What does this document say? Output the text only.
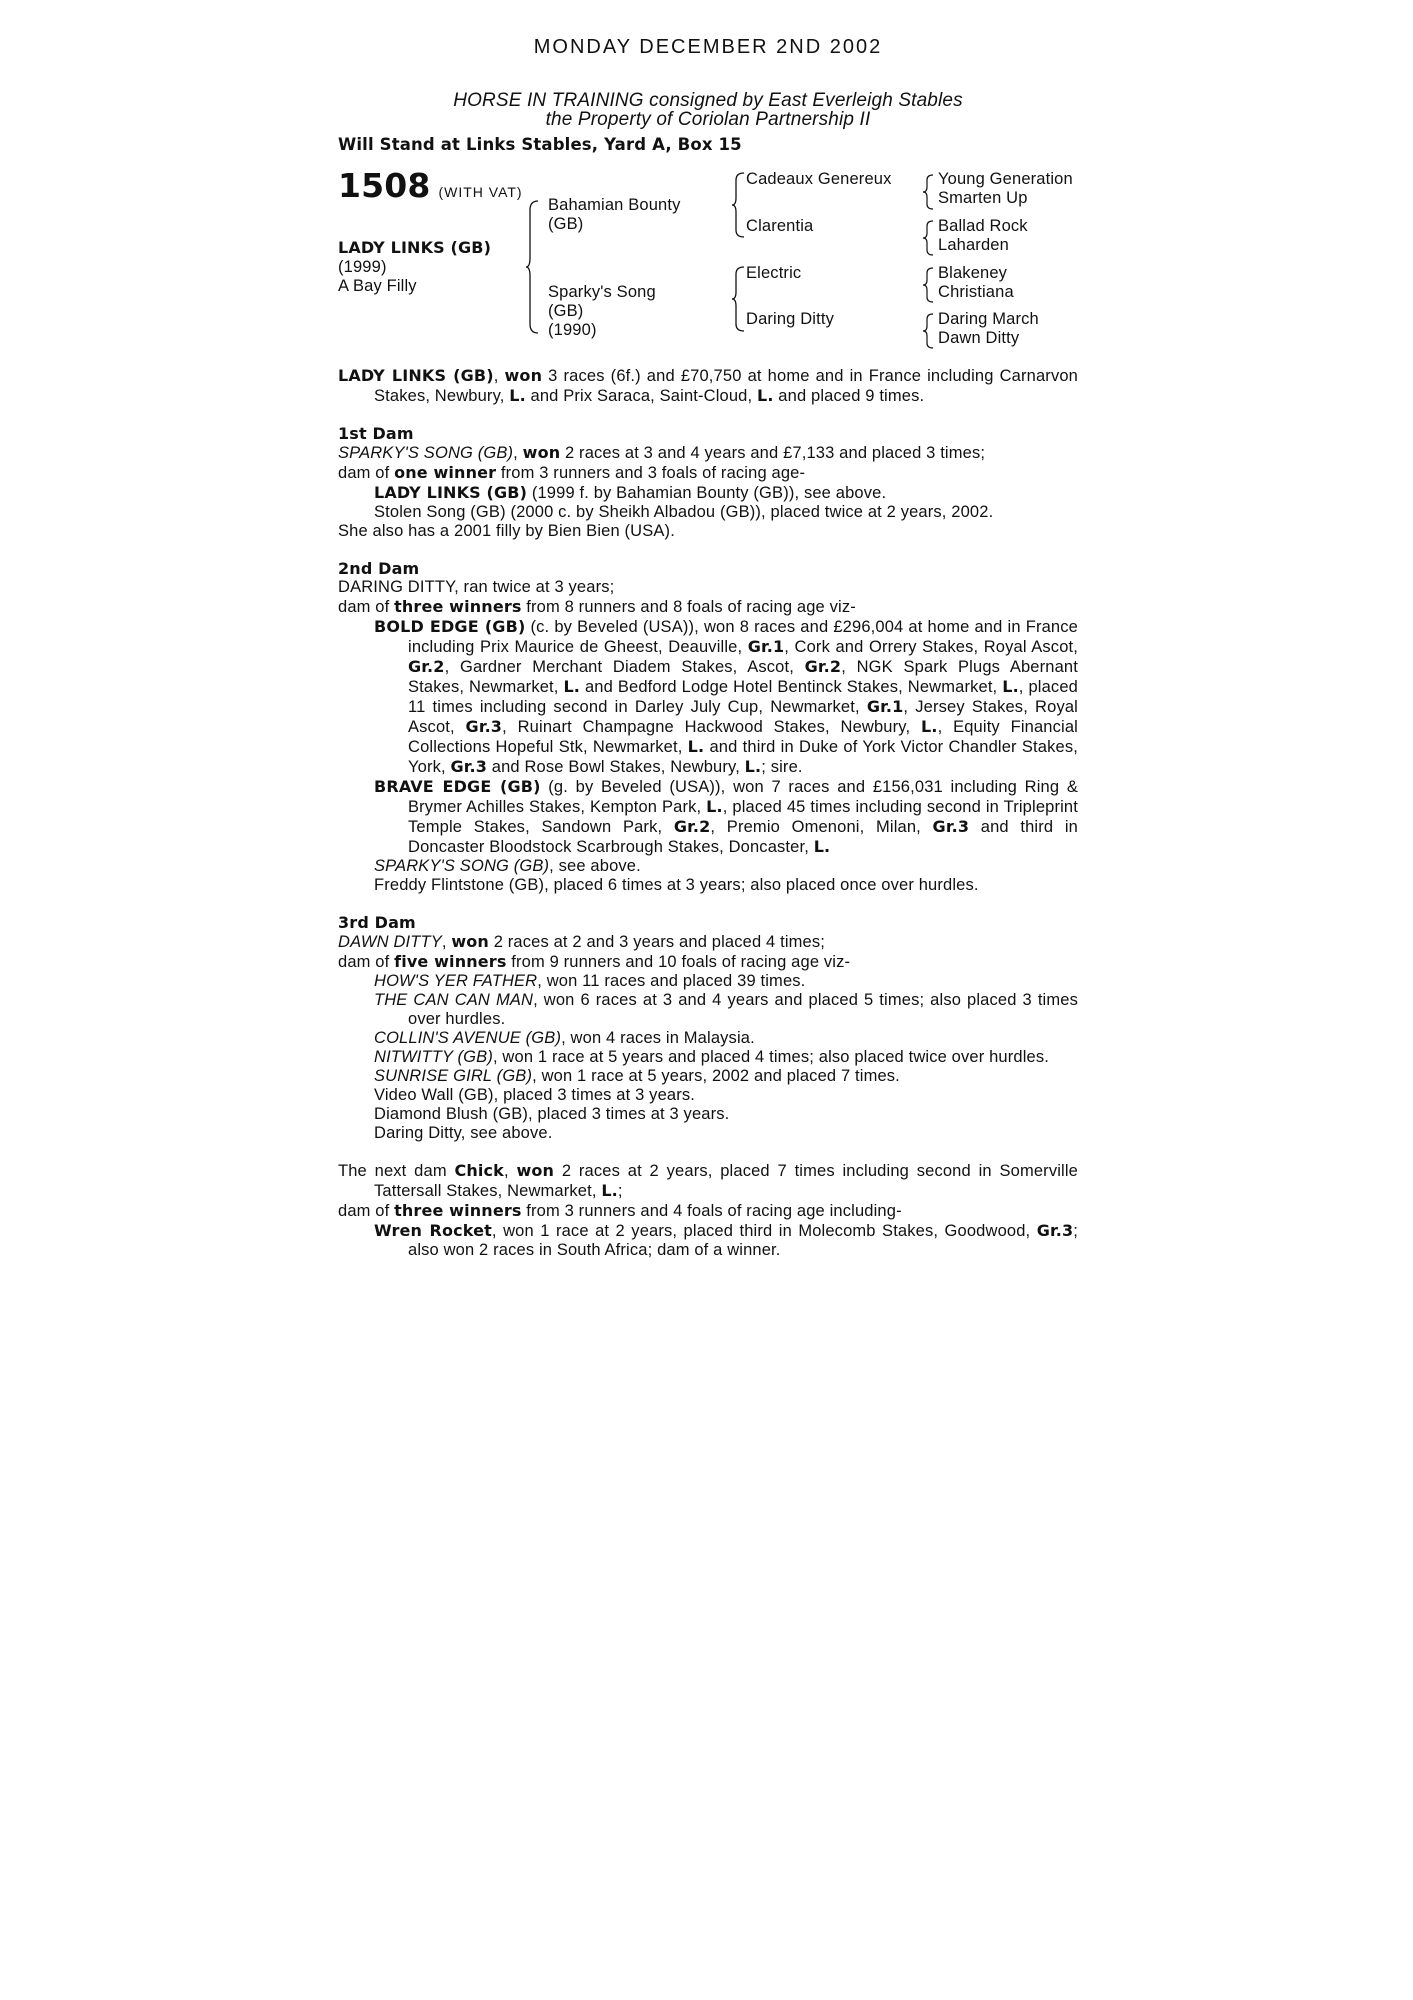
MONDAY DECEMBER 2ND 2002
HORSE IN TRAINING consigned by East Everleigh Stables
the Property of Coriolan Partnership II
Will Stand at Links Stables, Yard A, Box 15
1508 (WITH VAT)
LADY LINKS (GB)
(1999)
A Bay Filly
Bahamian Bounty
(GB)
Sparky's Song
(GB)
(1990)
Cadeaux Genereux
Clarentia
Electric
Daring Ditty
Young Generation
Smarten Up
Ballad Rock
Laharden
Blakeney
Christiana
Daring March
Dawn Ditty

LADY LINKS (GB), won 3 races (6f.) and £70,750 at home and in France including Carnarvon Stakes, Newbury, L. and Prix Saraca, Saint-Cloud, L. and placed 9 times.

1st Dam

SPARKY'S SONG (GB), won 2 races at 3 and 4 years and £7,133 and placed 3 times;

dam of one winner from 3 runners and 3 foals of racing age-

LADY LINKS (GB) (1999 f. by Bahamian Bounty (GB)), see above.

Stolen Song (GB) (2000 c. by Sheikh Albadou (GB)), placed twice at 2 years, 2002.

She also has a 2001 filly by Bien Bien (USA).

2nd Dam

DARING DITTY, ran twice at 3 years;

dam of three winners from 8 runners and 8 foals of racing age viz-

BOLD EDGE (GB) (c. by Beveled (USA)), won 8 races and £296,004 at home and in France including Prix Maurice de Gheest, Deauville, Gr.1, Cork and Orrery Stakes, Royal Ascot, Gr.2, Gardner Merchant Diadem Stakes, Ascot, Gr.2, NGK Spark Plugs Abernant Stakes, Newmarket, L. and Bedford Lodge Hotel Bentinck Stakes, Newmarket, L., placed 11 times including second in Darley July Cup, Newmarket, Gr.1, Jersey Stakes, Royal Ascot, Gr.3, Ruinart Champagne Hackwood Stakes, Newbury, L., Equity Financial Collections Hopeful Stk, Newmarket, L. and third in Duke of York Victor Chandler Stakes, York, Gr.3 and Rose Bowl Stakes, Newbury, L.; sire.

BRAVE EDGE (GB) (g. by Beveled (USA)), won 7 races and £156,031 including Ring & Brymer Achilles Stakes, Kempton Park, L., placed 45 times including second in Tripleprint Temple Stakes, Sandown Park, Gr.2, Premio Omenoni, Milan, Gr.3 and third in Doncaster Bloodstock Scarbrough Stakes, Doncaster, L.

SPARKY'S SONG (GB), see above.

Freddy Flintstone (GB), placed 6 times at 3 years; also placed once over hurdles.

3rd Dam

DAWN DITTY, won 2 races at 2 and 3 years and placed 4 times;

dam of five winners from 9 runners and 10 foals of racing age viz-

HOW'S YER FATHER, won 11 races and placed 39 times.

THE CAN CAN MAN, won 6 races at 3 and 4 years and placed 5 times; also placed 3 times over hurdles.

COLLIN'S AVENUE (GB), won 4 races in Malaysia.

NITWITTY (GB), won 1 race at 5 years and placed 4 times; also placed twice over hurdles.

SUNRISE GIRL (GB), won 1 race at 5 years, 2002 and placed 7 times.

Video Wall (GB), placed 3 times at 3 years.

Diamond Blush (GB), placed 3 times at 3 years.

Daring Ditty, see above.

The next dam Chick, won 2 races at 2 years, placed 7 times including second in Somerville Tattersall Stakes, Newmarket, L.;

dam of three winners from 3 runners and 4 foals of racing age including-

Wren Rocket, won 1 race at 2 years, placed third in Molecomb Stakes, Goodwood, Gr.3; also won 2 races in South Africa; dam of a winner.
